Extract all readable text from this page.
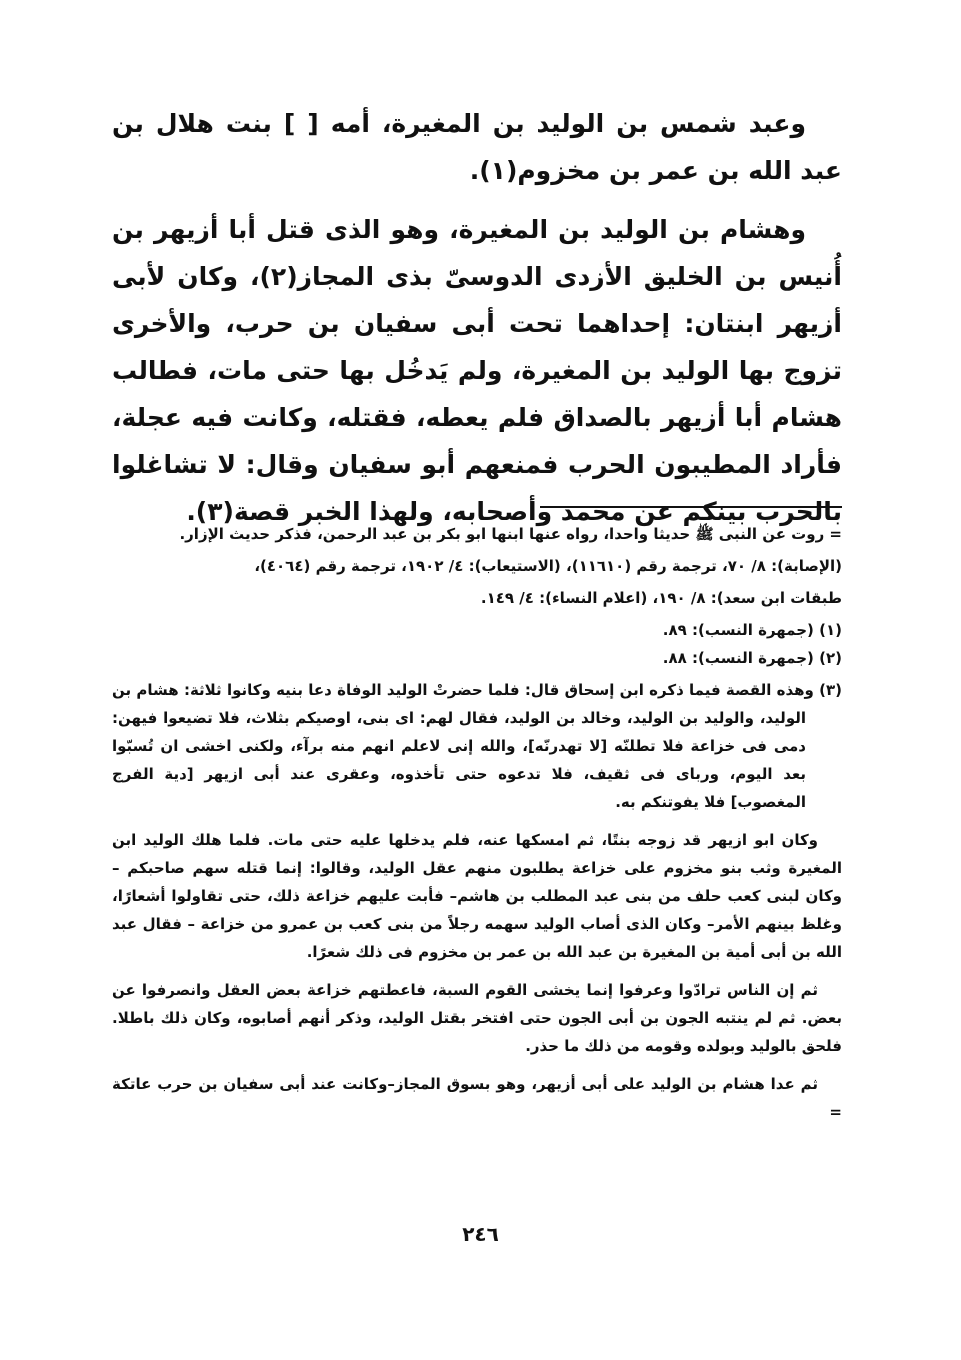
وعبد شمس بن الوليد بن المغيرة، أمه [ ] بنت هلال بن عبد الله بن عمر بن مخزوم(١).

وهشام بن الوليد بن المغيرة، وهو الذى قتل أبا أزيهر بن أُنيس بن الخليق الأزدى الدوسىّ بذى المجاز(٢)، وكان لأبى أزيهر ابنتان: إحداهما تحت أبى سفيان بن حرب، والأخرى تزوج بها الوليد بن المغيرة، ولم يَدخُل بها حتى مات، فطالب هشام أبا أزيهر بالصداق فلم يعطه، فقتله، وكانت فيه عجلة، فأراد المطيبون الحرب فمنعهم أبو سفيان وقال: لا تشاغلوا بالحرب بينكم عن محمد وأصحابه، ولهذا الخبر قصة(٣).

= روت عن النبى ﷺ حديثا واحدا، رواه عنها ابنها ابو بكر بن عبد الرحمن، فذكر حديث الإزار.

(الإصابة): ٨/ ٧٠، ترجمة رقم (١١٦١٠)، (الاستيعاب): ٤/ ١٩٠٢، ترجمة رقم (٤٠٦٤)،

طبقات ابن سعد): ٨/ ١٩٠، (اعلام النساء): ٤/ ١٤٩.

(١) (جمهرة النسب): ٨٩.

(٢) (جمهرة النسب): ٨٨.

(٣) وهذه القصة فيما ذكره ابن إسحاق قال: فلما حضرتْ الوليد الوفاة دعا بنيه وكانوا ثلاثة: هشام بن الوليد، والوليد بن الوليد، وخالد بن الوليد، فقال لهم: اى بنى، اوصيكم بثلاث، فلا تضيعوا فيهن: دمى فى خزاعة فلا تطلنّه [لا تهدرنّه]، والله إنى لاعلم انهم منه برآء، ولكنى اخشى ان تُسبّوا بعد اليوم، ورباى فى ثقيف، فلا تدعوه حتى تأخذوه، وعقرى عند أبى ازيهر [دية الفرج المغصوب] فلا يفوتنكم به.

وكان ابو ازيهر قد زوجه بنتًا، ثم امسكها عنه، فلم يدخلها عليه حتى مات. فلما هلك الوليد ابن المغيرة وثب بنو مخزوم على خزاعة يطلبون منهم عقل الوليد، وقالوا: إنما قتله سهم صاحبكم – وكان لبنى كعب حلف من بنى عبد المطلب بن هاشم– فأبت عليهم خزاعة ذلك، حتى تقاولوا أشعارًا، وغلظ بينهم الأمر– وكان الذى أصاب الوليد سهمه رجلاً من بنى كعب بن عمرو من خزاعة – فقال عبد الله بن أبى أمية بن المغيرة بن عبد الله بن عمر بن مخزوم فى ذلك شعرًا.

ثم إن الناس ترادّوا وعرفوا إنما يخشى القوم السبة، فاعطتهم خزاعة بعض العقل وانصرفوا عن بعض. ثم لم ينتبه الجون بن أبى الجون حتى افتخر بقتل الوليد، وذكر أنهم أصابوه، وكان ذلك باطلا. فلحق بالوليد وبولده وقومه من ذلك ما حذر.

ثم عدا هشام بن الوليد على أبى أزيهر، وهو بسوق المجاز–وكانت عند أبى سفيان بن حرب عاتكة =

٢٤٦
